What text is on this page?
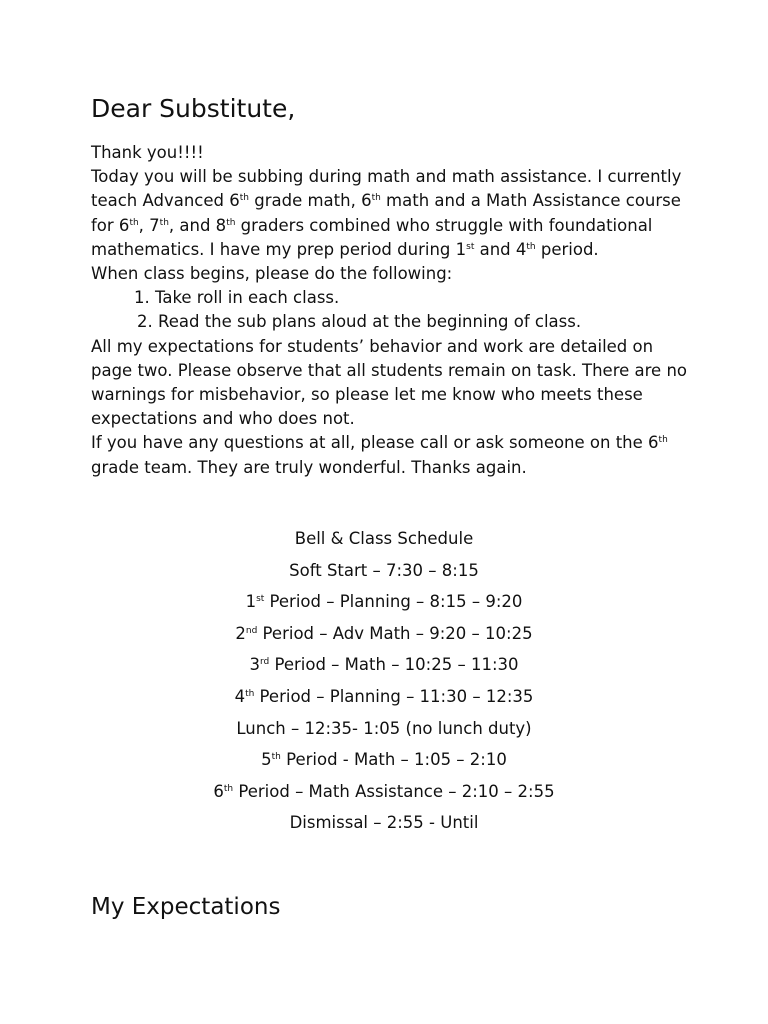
Dear Substitute,

Thank you!!!!

Today you will be subbing during math and math assistance. I currently teach Advanced 6th grade math, 6th math and a Math Assistance course for 6th, 7th, and 8th graders combined who struggle with foundational mathematics. I have my prep period during 1st and 4th period.

When class begins, please do the following:

1. Take roll in each class.
2. Read the sub plans aloud at the beginning of class.

All my expectations for students’ behavior and work are detailed on page two. Please observe that all students remain on task. There are no warnings for misbehavior, so please let me know who meets these expectations and who does not.

If you have any questions at all, please call or ask someone on the 6th grade team. They are truly wonderful. Thanks again.

Bell & Class Schedule
Soft Start – 7:30 – 8:15
1st Period – Planning – 8:15 – 9:20
2nd Period – Adv Math – 9:20 – 10:25
3rd Period – Math – 10:25 – 11:30
4th Period – Planning – 11:30 – 12:35
Lunch – 12:35- 1:05 (no lunch duty)
5th Period - Math – 1:05 – 2:10
6th Period – Math Assistance – 2:10 – 2:55
Dismissal – 2:55 - Until
My Expectations
